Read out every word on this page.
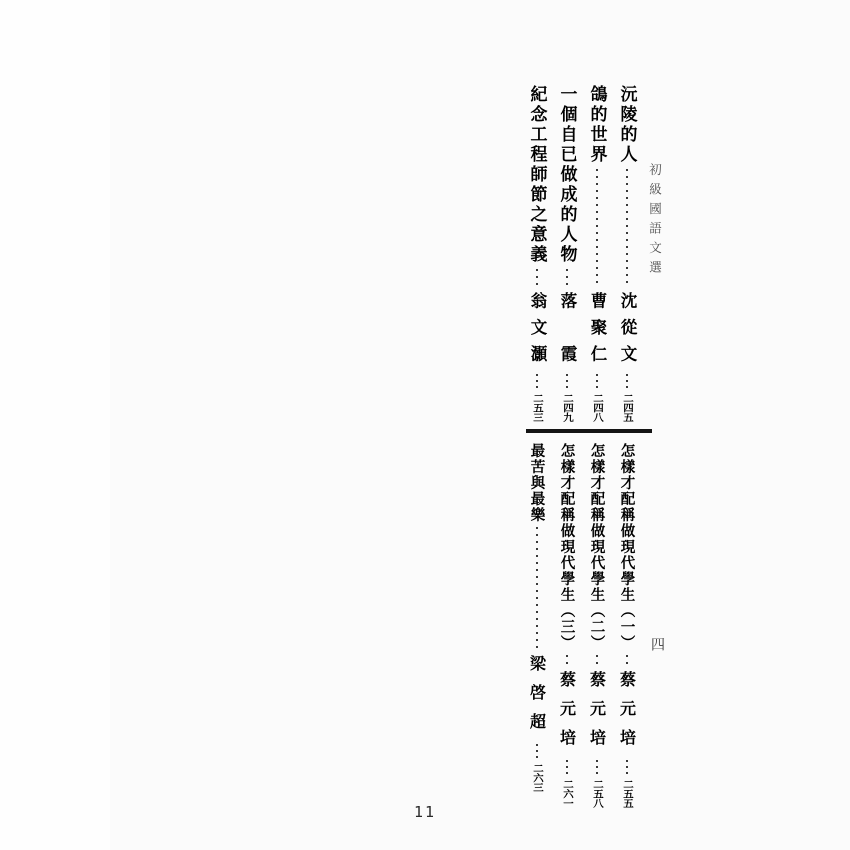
初級國語文選
沅陵的人
沈從文
二四五
鴿的世界
曹聚仁
二四八
一個自已做成的人物
落　霞
二四九
紀念工程師節之意義
翁文灝
二五三
怎樣才配稱做現代學生（一）
蔡元培
二五五
怎樣才配稱做現代學生（二）
蔡元培
二五八
怎樣才配稱做現代學生（三）
蔡元培
二六一
最苦與最樂
梁啓超
二六三
四
11
